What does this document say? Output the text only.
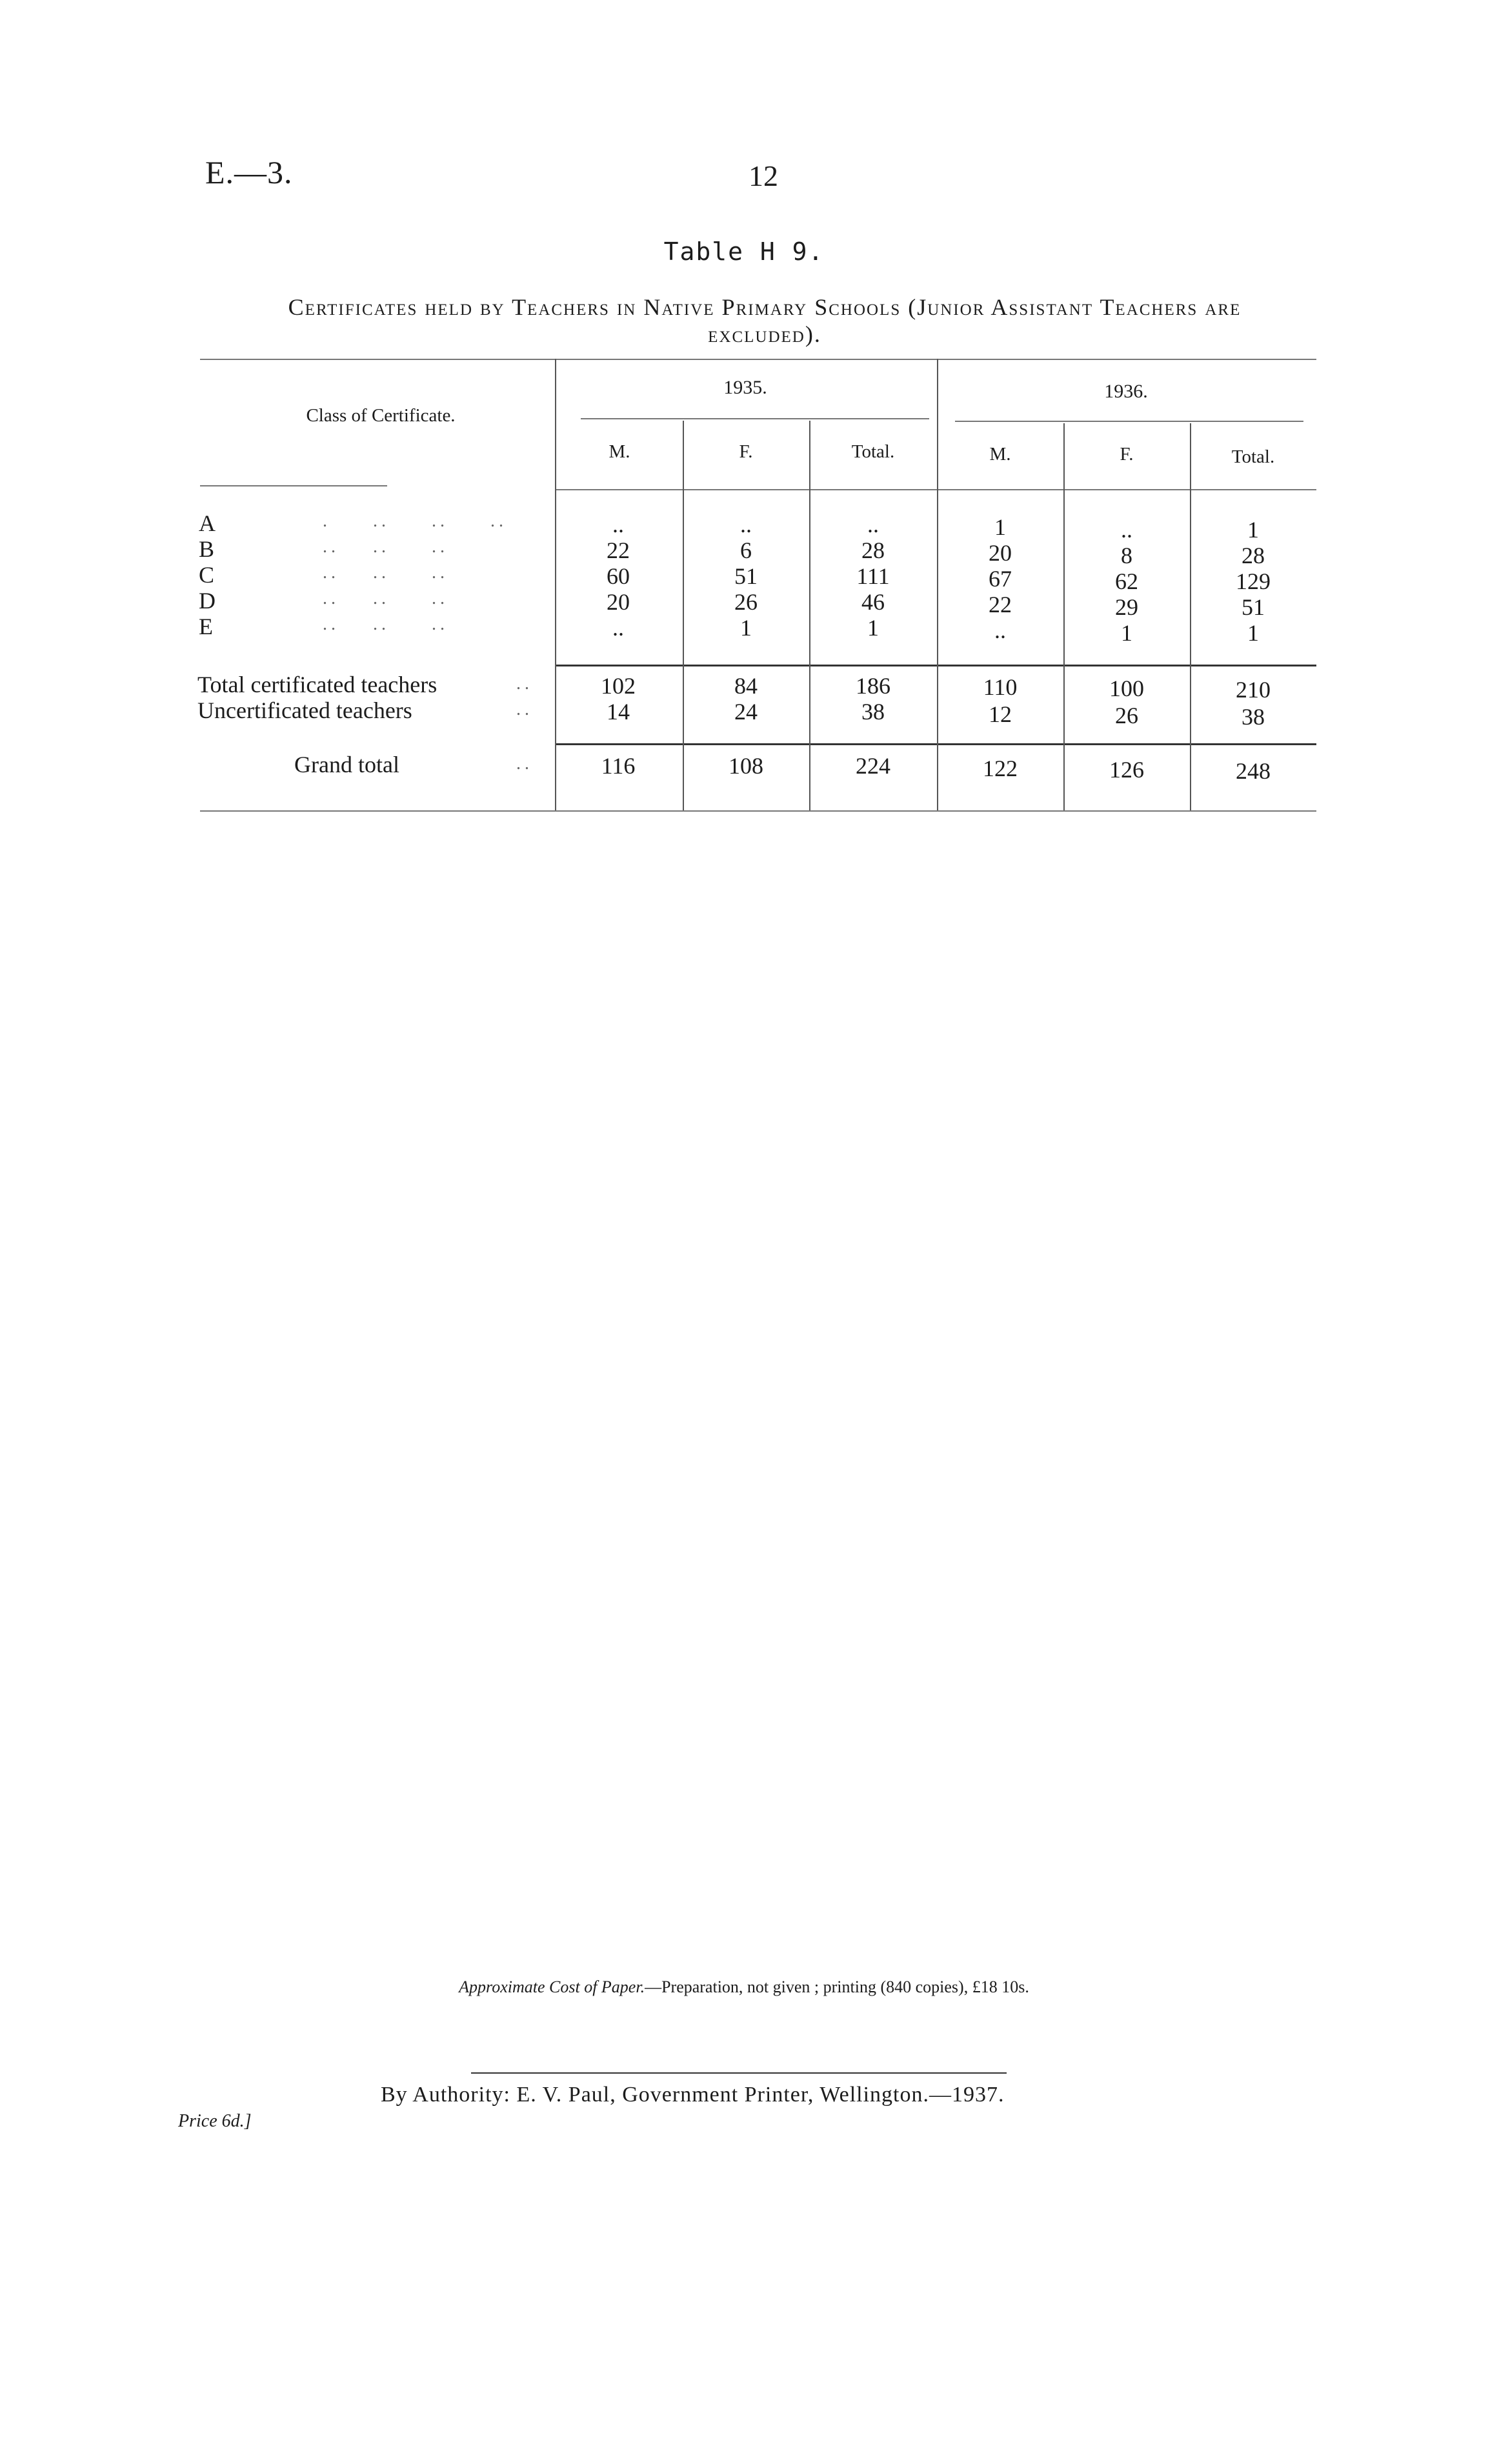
E.—3.	12
Table H 9.
Certificates held by Teachers in Native Primary Schools (Junior Assistant Teachers are
excluded).
Class of Certificate.
1935.	1936.
M.	F.	Total.	M.	F.	Total.
A	.     ..     ..     ..	..	..	..	1	..	1
B	..    ..     ..	22	6	28	20	8	28
C	..    ..     ..	60	51	111	67	62	129
D	..    ..     ..	20	26	46	22	29	51
E	..    ..     ..	..	1	1	..	1	1
Total certificated teachers	..	102	84	186	110	100	210
Uncertificated teachers	..	14	24	38	12	26	38
Grand total	..	116	108	224	122	126	248
Approximate Cost of Paper.—Preparation, not given ; printing (840 copies), £18 10s.
By Authority: E. V. Paul, Government Printer, Wellington.—1937.
Price 6d.]
